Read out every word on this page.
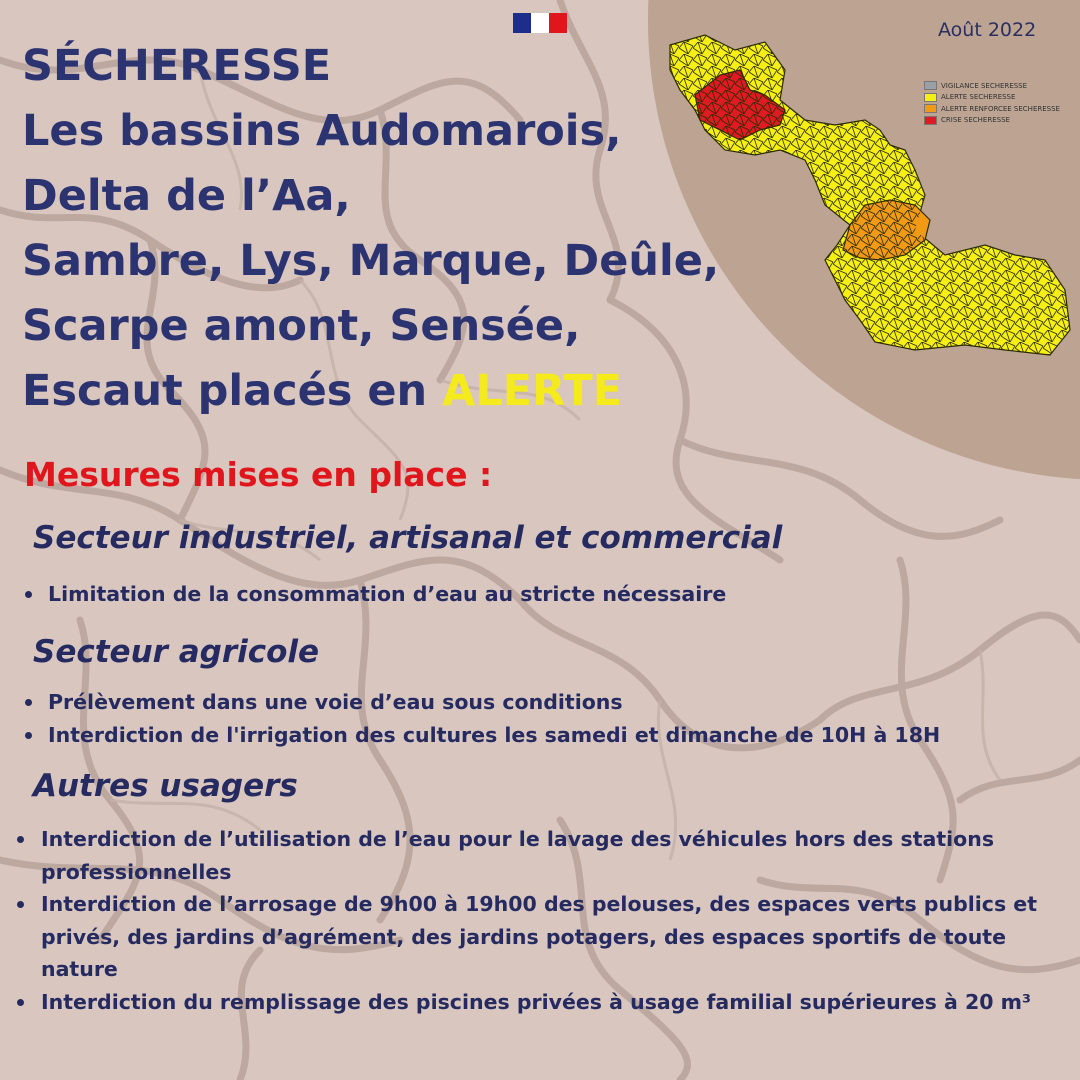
Août 2022
VIGILANCE SECHERESSE
ALERTE SECHERESSE
ALERTE RENFORCEE SECHERESSE
CRISE SECHERESSE
SÉCHERESSE
Les bassins Audomarois,
Delta de l’Aa,
Sambre, Lys, Marque, Deûle,
Scarpe amont, Sensée,
Escaut placés en ALERTE
Mesures mises en place :
Secteur industriel, artisanal et commercial
Limitation de la consommation d’eau au stricte nécessaire
Secteur agricole
Prélèvement dans une voie d’eau sous conditions
Interdiction de l'irrigation des cultures les samedi et dimanche de 10H à 18H
Autres usagers
Interdiction de l’utilisation de l’eau pour le lavage des véhicules hors des stations professionnelles
Interdiction de l’arrosage de 9h00 à 19h00 des pelouses, des espaces verts publics et privés, des jardins d’agrément, des jardins potagers, des espaces sportifs de toute nature
Interdiction du remplissage des piscines privées à usage familial supérieures à 20 m³
